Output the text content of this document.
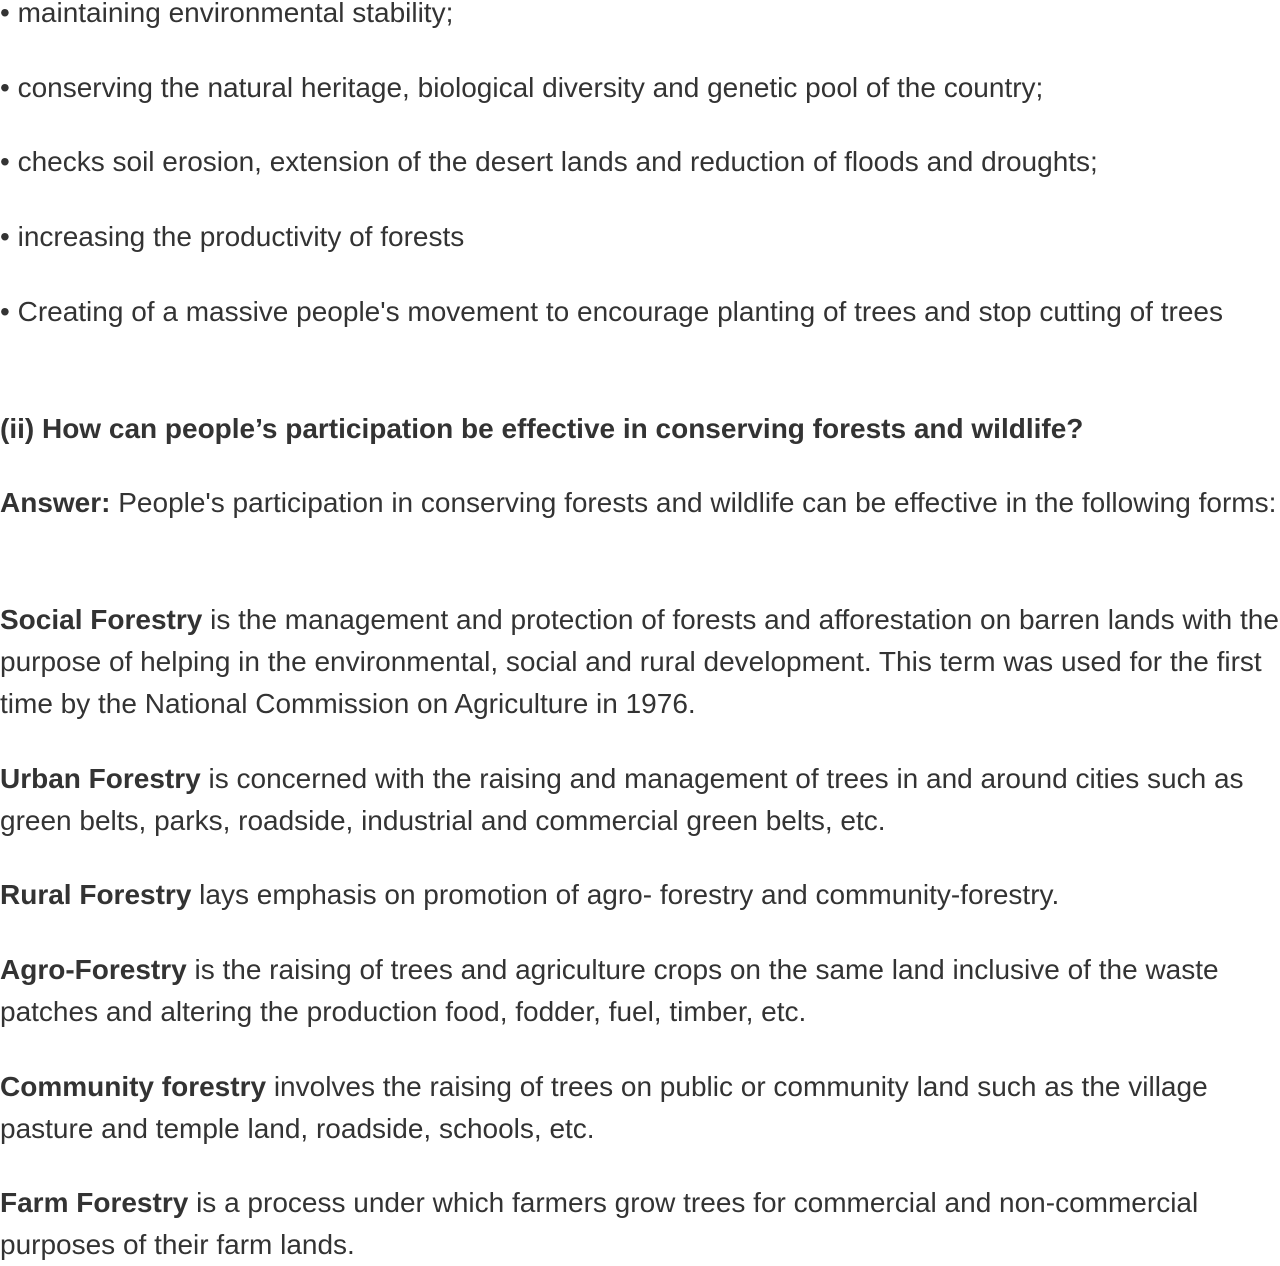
• maintaining environmental stability;

• conserving the natural heritage, biological diversity and genetic pool of the country;

• checks soil erosion, extension of the desert lands and reduction of floods and droughts;

• increasing the productivity of forests

• Creating of a massive people's movement to encourage planting of trees and stop cutting of trees

(ii) How can people’s participation be effective in conserving forests and wildlife?

Answer: People's participation in conserving forests and wildlife can be effective in the following forms:

Social Forestry is the management and protection of forests and afforestation on barren lands with the purpose of helping in the environmental, social and rural development. This term was used for the first time by the National Commission on Agriculture in 1976.

Urban Forestry is concerned with the raising and management of trees in and around cities such as green belts, parks, roadside, industrial and commercial green belts, etc.

Rural Forestry lays emphasis on promotion of agro- forestry and community-forestry.

Agro-Forestry is the raising of trees and agriculture crops on the same land inclusive of the waste patches and altering the production food, fodder, fuel, timber, etc.

Community forestry involves the raising of trees on public or community land such as the village pasture and temple land, roadside, schools, etc.

Farm Forestry is a process under which farmers grow trees for commercial and non-commercial purposes of their farm lands.
